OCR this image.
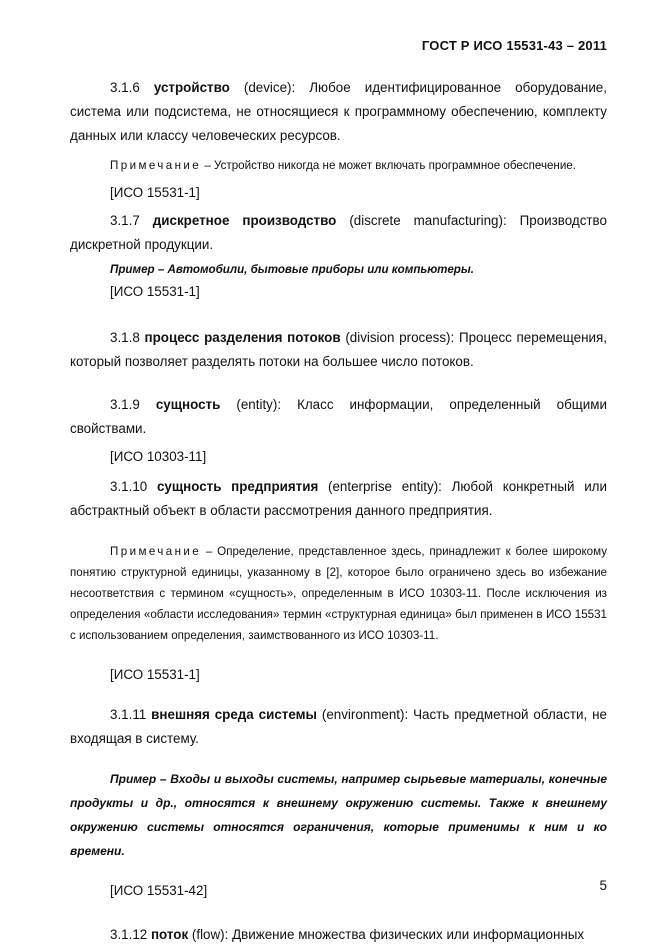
ГОСТ Р ИСО 15531-43 – 2011

3.1.6 устройство (device): Любое идентифицированное оборудование, система или подсистема, не относящиеся к программному обеспечению, комплекту данных или классу человеческих ресурсов.

Примечание – Устройство никогда не может включать программное обеспечение.

[ИСО 15531-1]

3.1.7 дискретное производство (discrete manufacturing): Производство дискретной продукции.

Пример – Автомобили, бытовые приборы или компьютеры.

[ИСО 15531-1]

3.1.8 процесс разделения потоков (division process): Процесс перемещения, который позволяет разделять потоки на большее число потоков.

3.1.9 сущность (entity): Класс информации, определенный общими свойствами.

[ИСО 10303-11]

3.1.10 сущность предприятия (enterprise entity): Любой конкретный или абстрактный объект в области рассмотрения данного предприятия.

Примечание – Определение, представленное здесь, принадлежит к более широкому понятию структурной единицы, указанному в [2], которое было ограничено здесь во избежание несоответствия с термином «сущность», определенным в ИСО 10303-11. После исключения из определения «области исследования» термин «структурная единица» был применен в ИСО 15531 с использованием определения, заимствованного из ИСО 10303-11.

[ИСО 15531-1]

3.1.11 внешняя среда системы (environment): Часть предметной области, не входящая в систему.

Пример – Входы и выходы системы, например сырьевые материалы, конечные продукты и др., относятся к внешнему окружению системы. Также к внешнему окружению системы относятся ограничения, которые применимы к ним и ко времени.

[ИСО 15531-42]

3.1.12 поток (flow): Движение множества физических или информационных

5
